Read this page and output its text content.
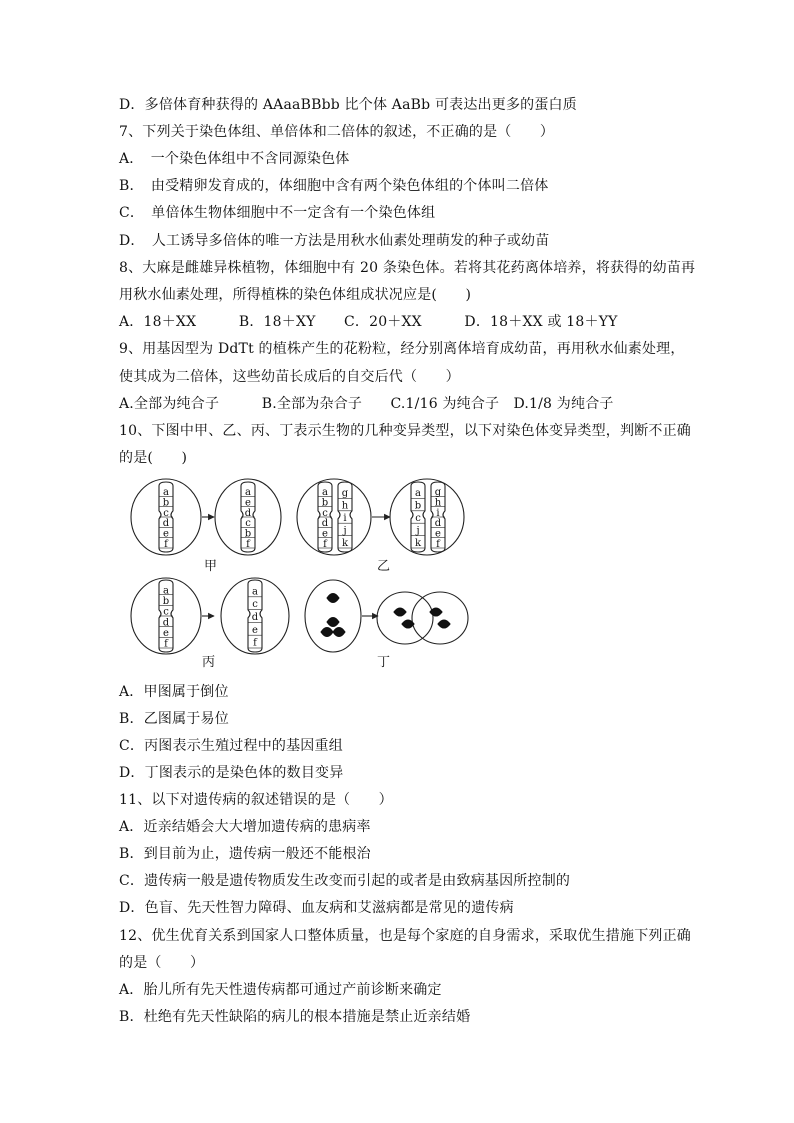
D．多倍体育种获得的 AAaaBBbb 比个体 AaBb 可表达出更多的蛋白质
7、下列关于染色体组、单倍体和二倍体的叙述，不正确的是（　　）
A．　一个染色体组中不含同源染色体
B．　由受精卵发育成的，体细胞中含有两个染色体组的个体叫二倍体
C．　单倍体生物体细胞中不一定含有一个染色体组
D．　人工诱导多倍体的唯一方法是用秋水仙素处理萌发的种子或幼苗
8、大麻是雌雄异株植物，体细胞中有 20 条染色体。若将其花药离体培养，将获得的幼苗再
用秋水仙素处理，所得植株的染色体组成状况应是(　　)
A．18＋XX　　　B．18＋XY　　C．20＋XX　　　D．18＋XX 或 18＋YY
9、用基因型为 DdTt 的植株产生的花粉粒，经分别离体培育成幼苗，再用秋水仙素处理，
使其成为二倍体，这些幼苗长成后的自交后代（　　）
A.全部为纯合子　　　B.全部为杂合子　　C.1/16 为纯合子　D.1/8 为纯合子
10、下图中甲、乙、丙、丁表示生物的几种变异类型，以下对染色体变异类型，判断不正确
的是(　　)
a
b
c
d
e
f
a
e
d
c
b
f
a
b
c
d
e
f
g
h
i
j
k
a
b
c
j
k
g
h
i
d
e
f
a
b
c
d
e
f
a
c
d
e
f
甲	乙
丙	丁
A．甲图属于倒位
B．乙图属于易位
C．丙图表示生殖过程中的基因重组
D．丁图表示的是染色体的数目变异
11、以下对遗传病的叙述错误的是（　　）
A．近亲结婚会大大增加遗传病的患病率
B．到目前为止，遗传病一般还不能根治
C．遗传病一般是遗传物质发生改变而引起的或者是由致病基因所控制的
D．色盲、先天性智力障碍、血友病和艾滋病都是常见的遗传病
12、优生优育关系到国家人口整体质量，也是每个家庭的自身需求，采取优生措施下列正确
的是（　　）
A．胎儿所有先天性遗传病都可通过产前诊断来确定
B．杜绝有先天性缺陷的病儿的根本措施是禁止近亲结婚
